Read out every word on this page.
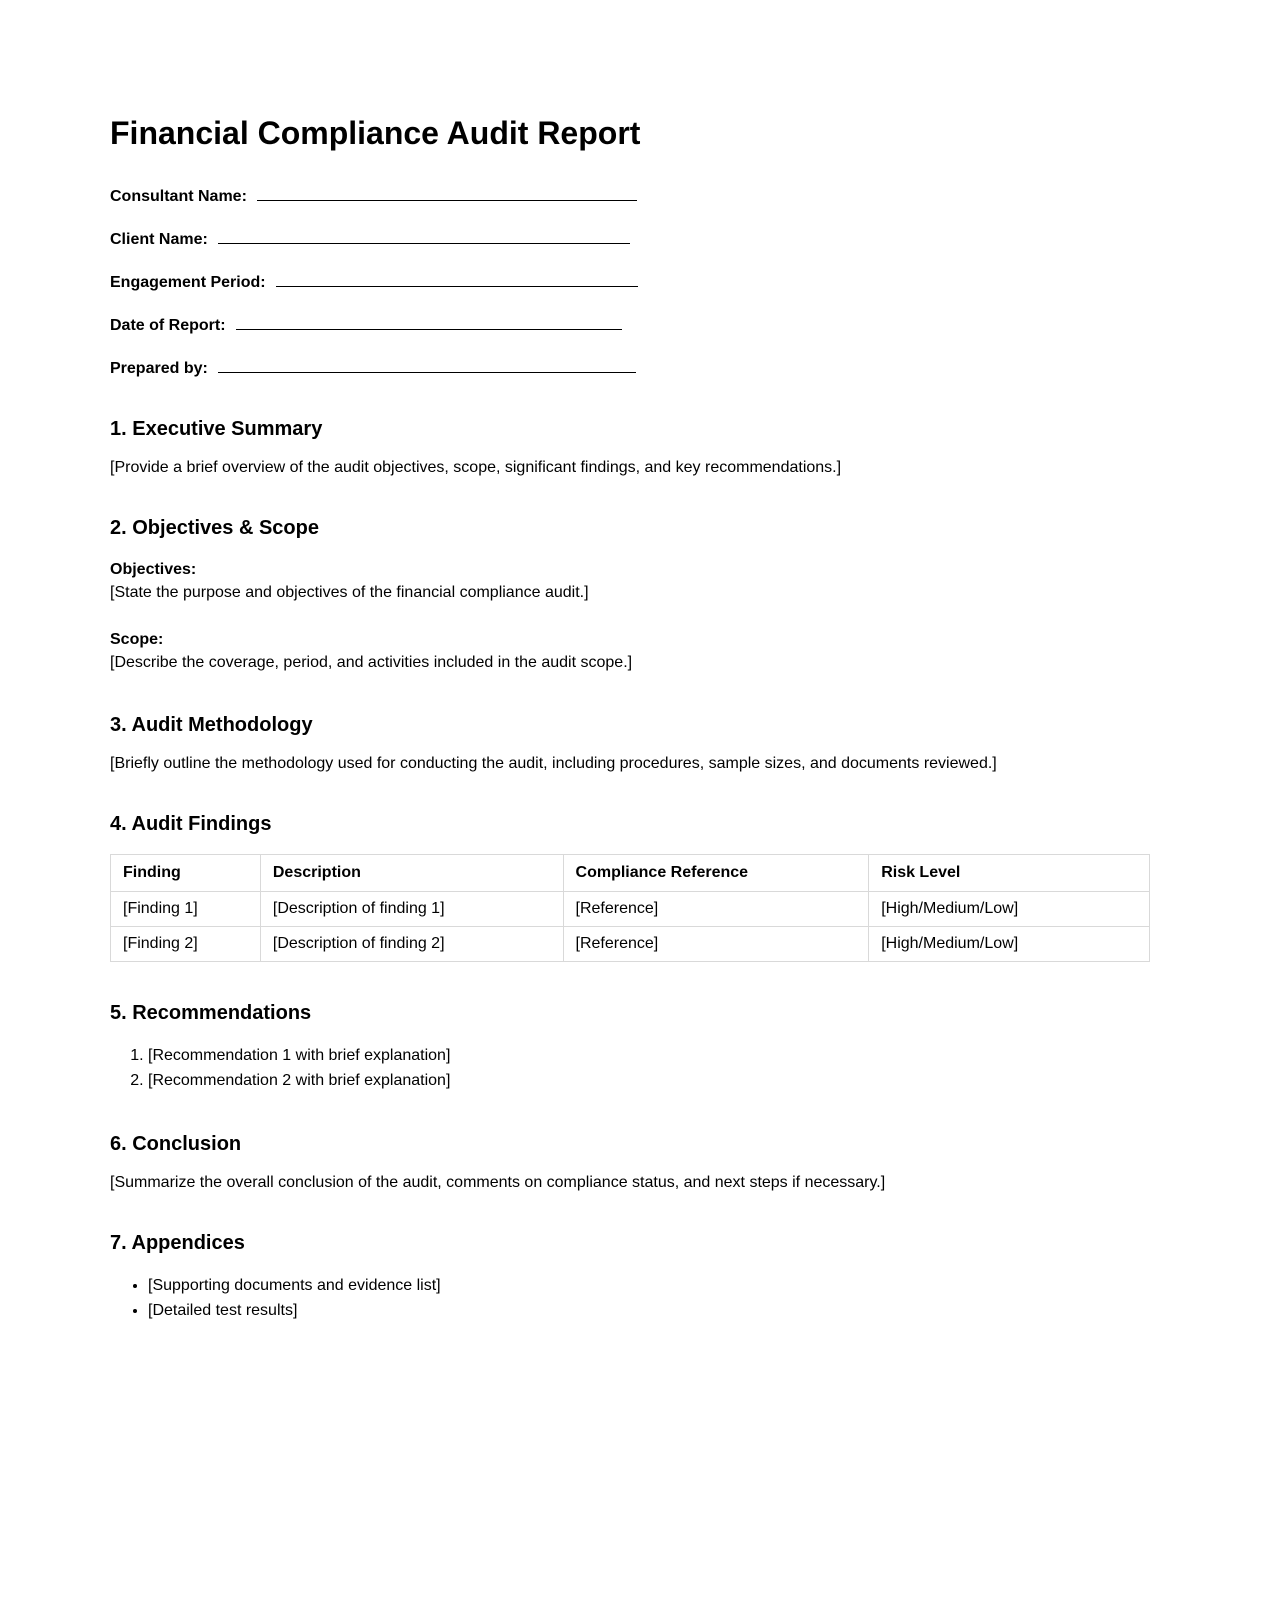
Financial Compliance Audit Report

Consultant Name:

Client Name:

Engagement Period:

Date of Report:

Prepared by:

1. Executive Summary

[Provide a brief overview of the audit objectives, scope, significant findings, and key recommendations.]

2. Objectives & Scope

Objectives:
[State the purpose and objectives of the financial compliance audit.]

Scope:
[Describe the coverage, period, and activities included in the audit scope.]

3. Audit Methodology

[Briefly outline the methodology used for conducting the audit, including procedures, sample sizes, and documents reviewed.]

4. Audit Findings
Finding	Description	Compliance Reference	Risk Level
[Finding 1]	[Description of finding 1]	[Reference]	[High/Medium/Low]
[Finding 2]	[Description of finding 2]	[Reference]	[High/Medium/Low]
5. Recommendations
1. [Recommendation 1 with brief explanation]
2. [Recommendation 2 with brief explanation]
6. Conclusion

[Summarize the overall conclusion of the audit, comments on compliance status, and next steps if necessary.]

7. Appendices
• [Supporting documents and evidence list]
• [Detailed test results]
